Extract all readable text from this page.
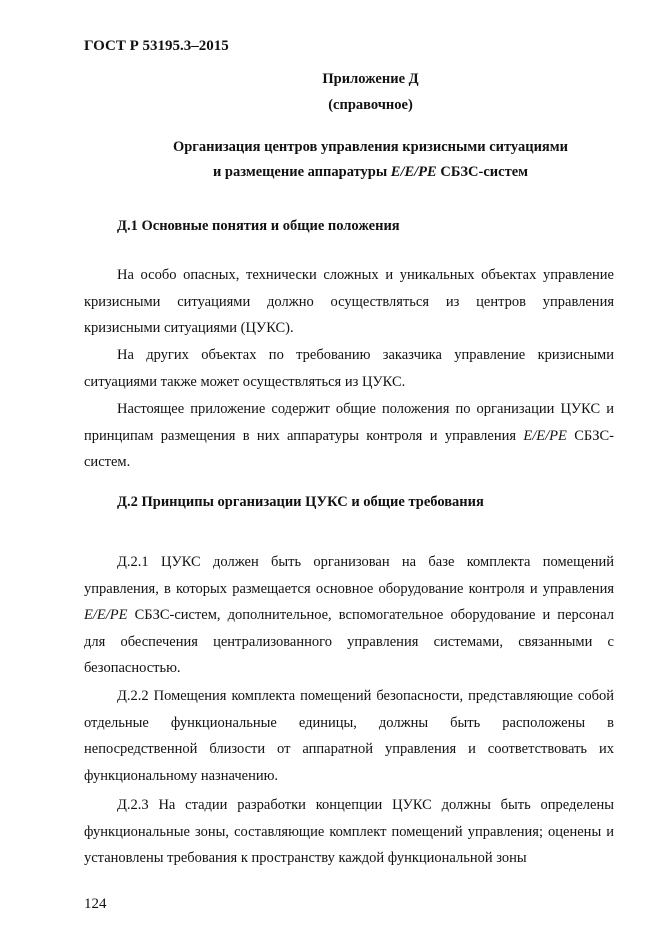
ГОСТ Р 53195.3–2015
Приложение Д
(справочное)
Организация центров управления кризисными ситуациями
и размещение аппаратуры Е/Е/РЕ СБЗС-систем
Д.1 Основные понятия и общие положения
На особо опасных, технически сложных и уникальных объектах управление кризисными ситуациями должно осуществляться из центров управления кризисными ситуациями (ЦУКС).
На других объектах по требованию заказчика управление кризисными ситуациями также может осуществляться из ЦУКС.
Настоящее приложение содержит общие положения по организации ЦУКС и принципам размещения в них аппаратуры контроля и управления Е/Е/РЕ СБЗС-систем.
Д.2 Принципы организации ЦУКС и общие требования
Д.2.1 ЦУКС должен быть организован на базе комплекта помещений управления, в которых размещается основное оборудование контроля и управления Е/Е/РЕ СБЗС-систем, дополнительное, вспомогательное оборудование и персонал для обеспечения централизованного управления системами, связанными с безопасностью.
Д.2.2 Помещения комплекта помещений безопасности, представляющие собой отдельные функциональные единицы, должны быть расположены в непосредственной близости от аппаратной управления и соответствовать их функциональному назначению.
Д.2.3 На стадии разработки концепции ЦУКС должны быть определены функциональные зоны, составляющие комплект помещений управления; оценены и установлены требования к пространству каждой функциональной зоны
124
